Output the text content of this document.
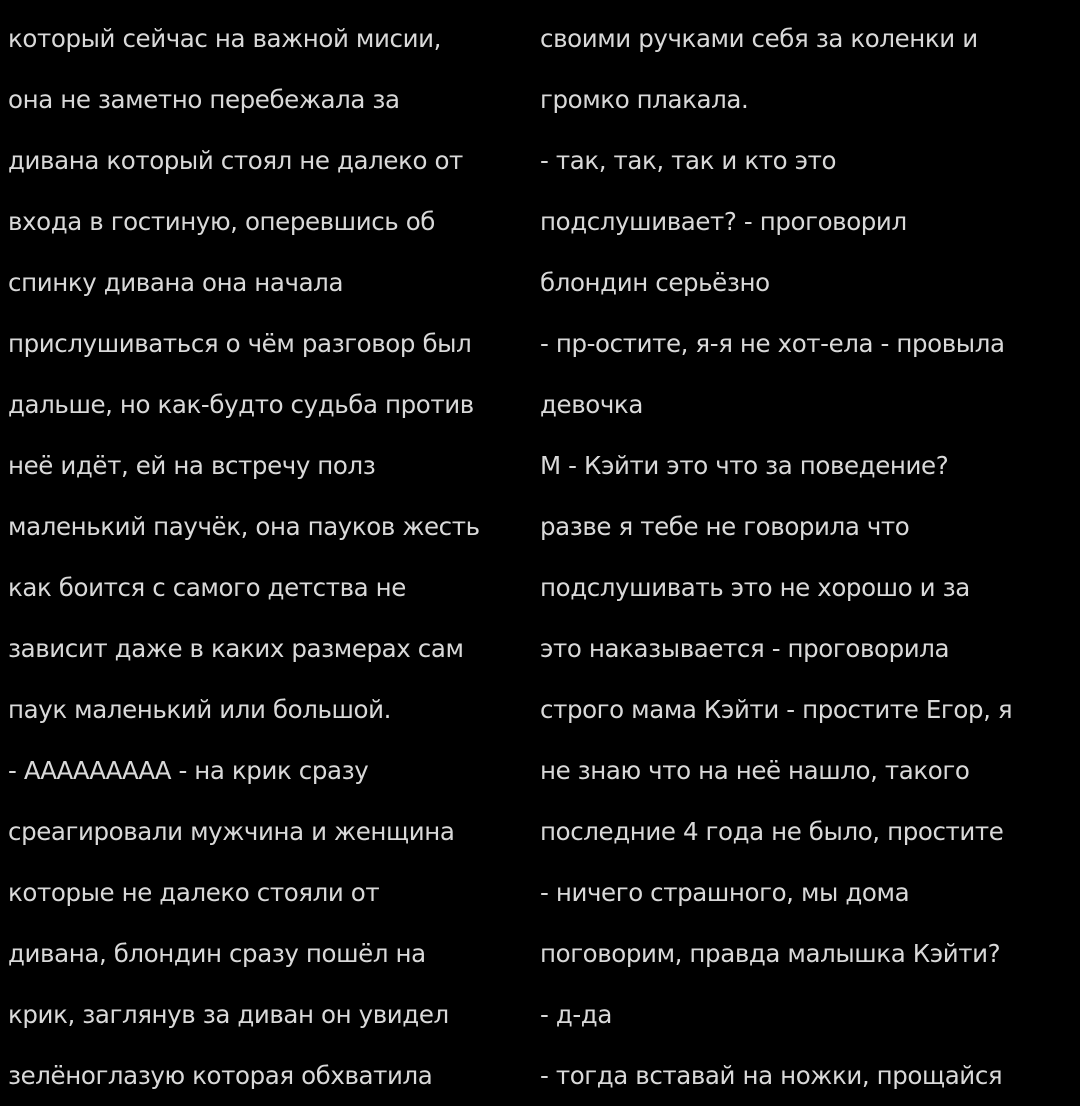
который сейчас на важной мисии,
она не заметно перебежала за
дивана который стоял не далеко от
входа в гостиную, оперевшись об
спинку дивана она начала
прислушиваться о чём разговор был
дальше, но как-будто судьба против
неё идёт, ей на встречу полз
маленький паучёк, она пауков жесть
как боится с самого детства не
зависит даже в каких размерах сам
паук маленький или большой.
- ААААААААА - на крик сразу
среагировали мужчина и женщина
которые не далеко стояли от
дивана, блондин сразу пошёл на
крик, заглянув за диван он увидел
зелёноглазую которая обхватила
своими ручками себя за коленки и
громко плакала.
- так, так, так и кто это
подслушивает? - проговорил
блондин серьёзно
- пр-остите, я-я не хот-ела - провыла
девочка
М - Кэйти это что за поведение?
разве я тебе не говорила что
подслушивать это не хорошо и за
это наказывается - проговорила
строго мама Кэйти - простите Егор, я
не знаю что на неё нашло, такого
последние 4 года не было, простите
- ничего страшного, мы дома
поговорим, правда малышка Кэйти?
- д-да
- тогда вставай на ножки, прощайся
